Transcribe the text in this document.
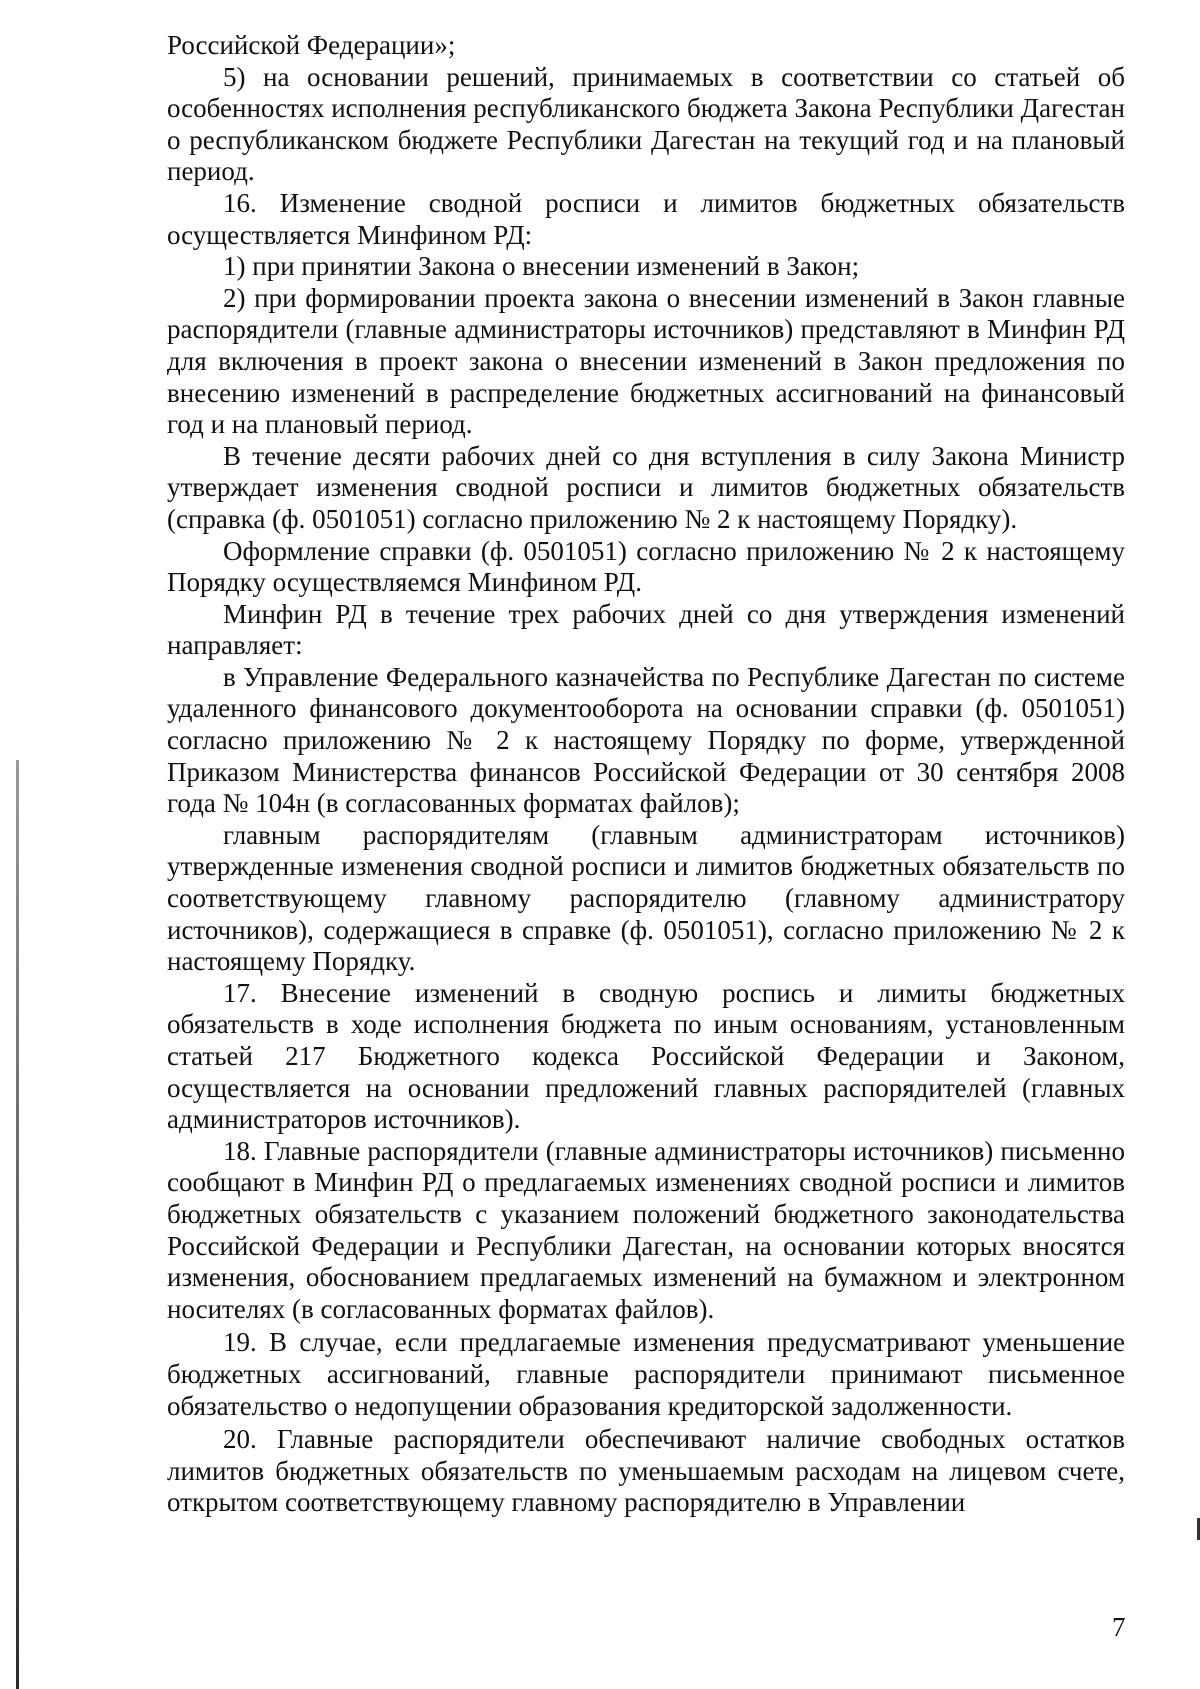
Российской Федерации»;

5) на основании решений, принимаемых в соответствии со статьей об особенностях исполнения республиканского бюджета Закона Республики Дагестан о республиканском бюджете Республики Дагестан на текущий год и на плановый период.

16. Изменение сводной росписи и лимитов бюджетных обязательств осуществляется Минфином РД:

1) при принятии Закона о внесении изменений в Закон;

2) при формировании проекта закона о внесении изменений в Закон главные распорядители (главные администраторы источников) представляют в Минфин РД для включения в проект закона о внесении изменений в Закон предложения по внесению изменений в распределение бюджетных ассигнований на финансовый год и на плановый период.

В течение десяти рабочих дней со дня вступления в силу Закона Министр утверждает изменения сводной росписи и лимитов бюджетных обязательств (справка (ф. 0501051) согласно приложению № 2 к настоящему Порядку).

Оформление справки (ф. 0501051) согласно приложению № 2 к настоящему Порядку осуществляемся Минфином РД.

Минфин РД в течение трех рабочих дней со дня утверждения изменений направляет:

в Управление Федерального казначейства по Республике Дагестан по системе удаленного финансового документооборота на основании справки (ф. 0501051) согласно приложению № 2 к настоящему Порядку по форме, утвержденной Приказом Министерства финансов Российской Федерации от 30 сентября 2008 года № 104н (в согласованных форматах файлов);

главным распорядителям (главным администраторам источников) утвержденные изменения сводной росписи и лимитов бюджетных обязательств по соответствующему главному распорядителю (главному администратору источников), содержащиеся в справке (ф. 0501051), согласно приложению № 2 к настоящему Порядку.

17. Внесение изменений в сводную роспись и лимиты бюджетных обязательств в ходе исполнения бюджета по иным основаниям, установленным статьей 217 Бюджетного кодекса Российской Федерации и Законом, осуществляется на основании предложений главных распорядителей (главных администраторов источников).

18. Главные распорядители (главные администраторы источников) письменно сообщают в Минфин РД о предлагаемых изменениях сводной росписи и лимитов бюджетных обязательств с указанием положений бюджетного законодательства Российской Федерации и Республики Дагестан, на основании которых вносятся изменения, обоснованием предлагаемых изменений на бумажном и электронном носителях (в согласованных форматах файлов).

19. В случае, если предлагаемые изменения предусматривают уменьшение бюджетных ассигнований, главные распорядители принимают письменное обязательство о недопущении образования кредиторской задолженности.

20. Главные распорядители обеспечивают наличие свободных остатков лимитов бюджетных обязательств по уменьшаемым расходам на лицевом счете, открытом соответствующему главному распорядителю в Управлении

7
